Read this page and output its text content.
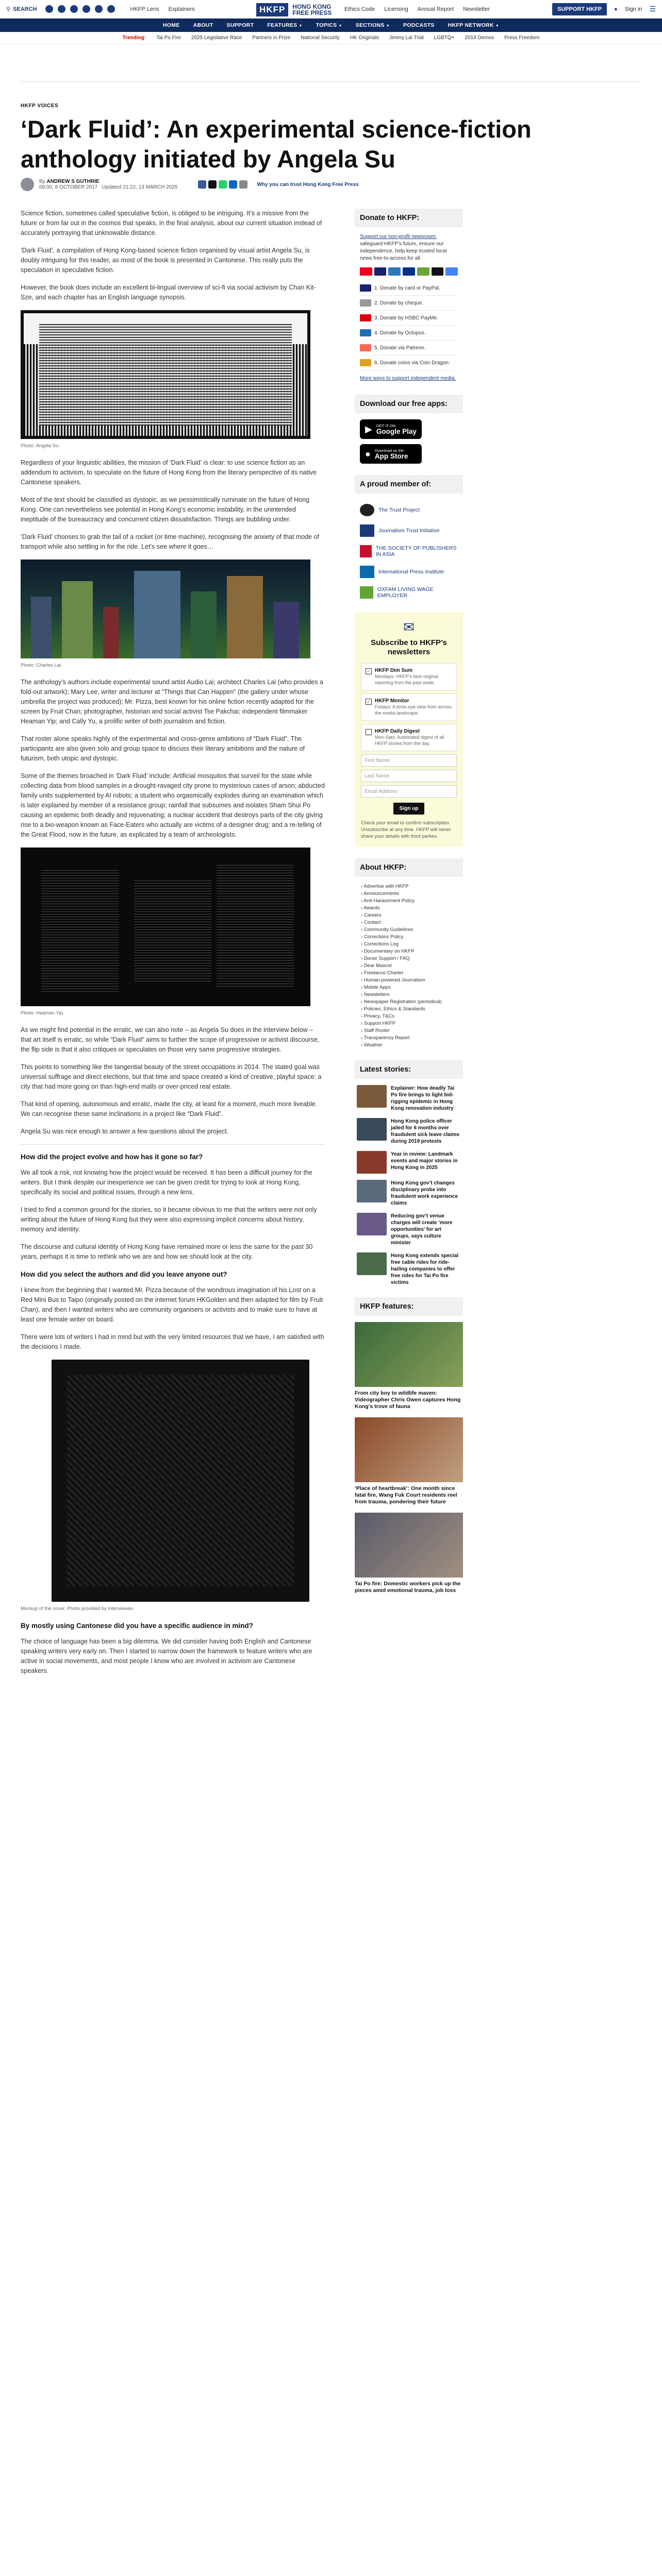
⚲ SEARCH	HKFP Lens Explainers	Ethics Code Licensing Annual Report Newsletter	SUPPORT HKFP	● Sign in ☰
HKFP	HONG KONG
FREE PRESS
HOME ABOUT SUPPORT FEATURES ▼ TOPICS ▼ SECTIONS ▼ PODCASTS HKFP NETWORK ▼
Trending: Tai Po Fire 2025 Legislative Race Partners in Prize National Security HK Originals Jimmy Lai Trial LGBTQ+ 2019 Demos Press Freedom
HKFP VOICES
‘Dark Fluid’: An experimental science-fiction anthology initiated by Angela Su
By ANDREW S GUTHRIE
09:00, 8 OCTOBER 2017 Updated 21:22, 13 MARCH 2025	Why you can trust Hong Kong Free Press

Science fiction, sometimes called speculative fiction, is obliged to be intriguing. It’s a missive from the future or from far out in the cosmos that speaks, in the final analysis, about our current situation instead of accurately portraying that unknowable distance.

‘Dark Fluid’, a compilation of Hong Kong-based science fiction organised by visual artist Angela Su, is doubly intriguing for this reader, as most of the book is presented in Cantonese. This really puts the speculation in speculative fiction.

However, the book does include an excellent bi-lingual overview of sci-fi via social activism by Chan Kit-Sze, and each chapter has an English language synopsis.

Photo: Angela Su.

Regardless of your linguistic abilities, the mission of ‘Dark Fluid’ is clear: to use science fiction as an addendum to activism, to speculate on the future of Hong Kong from the literary perspective of its native Cantonese speakers.

Most of the text should be classified as dystopic, as we pessimistically ruminate on the future of Hong Kong. One can nevertheless see potential in Hong Kong’s economic instability, in the unintended ineptitude of the bureaucracy and concurrent citizen dissatisfaction. Things are bubbling under.

‘Dark Fluid’ chooses to grab the tail of a rocket (or time machine), recognising the anxiety of that mode of transport while also settling in for the ride. Let’s see where it goes…

Photo: Charles Lai.

The anthology’s authors include experimental sound artist Audio Lai; architect Charles Lai (who provides a fold-out artwork); Mary Lee, writer and lecturer at “Things that Can Happen” (the gallery under whose umbrella the project was produced); Mr. Pizza, best known for his online fiction recently adapted for the screen by Fruit Chan; photographer, historian and social activist Tse Pakchai; independent filmmaker Heaman Yip; and Cally Yu, a prolific writer of both journalism and fiction.

That roster alone speaks highly of the experimental and cross-genre ambitions of “Dark Fluid”. The participants are also given solo and group space to discuss their literary ambitions and the nature of futurism, both utopic and dystopic.

Some of the themes broached in ‘Dark Fluid’ include: Artificial mosquitos that surveil for the state while collecting data from blood samples in a drought-ravaged city prone to mysterious cases of arson; abducted family units supplemented by AI robots; a student who orgasmically explodes during an examination which is later explained by member of a resistance group; rainfall that subsumes and isolates Sham Shui Po causing an epidemic both deadly and rejuvenating; a nuclear accident that destroys parts of the city giving rise to a bio-weapon known as Face-Eaters who actually are victims of a designer drug; and a re-telling of the Great Flood, now in the future, as explicated by a team of archeologists.

Photo: Heaman Yip.

As we might find potential in the erratic, we can also note – as Angela Su does in the interview below – that art itself is erratic, so while “Dark Fluid” aims to further the scope of progressive or activist discourse, the flip side is that it also critiques or speculates on those very same progressive strategies.

This points to something like the tangential beauty of the street occupations in 2014. The stated goal was universal suffrage and direct elections, but that time and space created a kind of creative, playful space: a city that had more going on than high-end malls or over-priced real estate.

That kind of opening, autonomous and erratic, made the city, at least for a moment, much more liveable. We can recognise these same inclinations in a project like “Dark Fluid”.

Angela Su was nice enough to answer a few questions about the project.

How did the project evolve and how has it gone so far?

We all took a risk, not knowing how the project would be received. It has been a difficult journey for the writers. But I think despite our inexperience we can be given credit for trying to look at Hong Kong, specifically its social and political issues, through a new lens.

I tried to find a common ground for the stories, so it became obvious to me that the writers were not only writing about the future of Hong Kong but they were also expressing implicit concerns about history, memory and identity.

The discourse and cultural identity of Hong Kong have remained more or less the same for the past 30 years, perhaps it is time to rethink who we are and how we should look at the city.

How did you select the authors and did you leave anyone out?

I knew from the beginning that I wanted Mr. Pizza because of the wondrous imagination of his Lost on a Red Mini Bus to Taipo (originally posted on the internet forum HKGolden and then adapted for film by Fruit Chan), and then I wanted writers who are community organisers or activists and to make sure to have at least one female writer on board.

There were lots of writers I had in mind but with the very limited resources that we have, I am satisfied with the decisions I made.

Mockup of the cover. Photo provided by interviewee.

By mostly using Cantonese did you have a specific audience in mind?

The choice of language has been a big dilemma. We did consider having both English and Cantonese speaking writers very early on. Then I started to narrow down the framework to feature writers who are active in social movements, and most people I know who are involved in activism are Cantonese speakers.

Donate to HKFP:

Support our non-profit newsroom: safeguard HKFP’s future, ensure our independence, help keep trusted local news free-to-access for all.

1. Donate by card or PayPal.
2. Donate by cheque.
3. Donate by HSBC PayMe.
4. Donate by Octopus.
5. Donate via Patreon.
6. Donate coins via Coin Dragon.
More ways to support independent media.
Download our free apps:
▶ GET IT ON
Google Play
● Download on the
App Store
A proud member of:
The Trust Project
Journalism Trust Initiative
THE SOCIETY OF PUBLISHERS IN ASIA
International Press Institute
OXFAM LIVING WAGE EMPLOYER
✉
Subscribe to HKFP’s newsletters
✓ HKFP Dim Sum
Mondays: HKFP’s best original reporting from the past week.
✓ HKFP Monitor
Fridays: A birds-eye view from across the media landscape.
HKFP Daily Digest
Mon-Sats: Automated digest of all HKFP stories from the day.
First Name
Last Name
Email Address
Sign up
Check your email to confirm subscription. Unsubscribe at any time. HKFP will never share your details with third parties.
About HKFP:
› Advertise with HKFP
› Announcements
› Anti-Harassment Policy
› Awards
› Careers
› Contact
› Community Guidelines
› Corrections Policy
› Corrections Log
› Documentary on HKFP
› Donor Support / FAQ
› Dear Mascot
› Freelance Charter
› Human-powered Journalism
› Mobile Apps
› Newsletters
› Newspaper Registration (periodical)
› Policies, Ethics & Standards
› Privacy, T&Cs
› Support HKFP
› Staff Roster
› Transparency Report
› Weather
Latest stories:
Explainer: How deadly Tai Po fire brings to light bid-rigging epidemic in Hong Kong renovation industry
Hong Kong police officer jailed for 6 months over fraudulent sick leave claims during 2019 protests
Year in review: Landmark events and major stories in Hong Kong in 2025
Hong Kong gov’t changes disciplinary probe into fraudulent work experience claims
Reducing gov’t venue charges will create ‘more opportunities’ for art groups, says culture minister
Hong Kong extends special free cable rides for ride-hailing companies to offer free rides for Tai Po fire victims
HKFP features:
From city boy to wildlife maven: Videographer Chris Owen captures Hong Kong’s trove of fauna
‘Place of heartbreak’: One month since fatal fire, Wang Fuk Court residents reel from trauma, pondering their future
Tai Po fire: Domestic workers pick up the pieces amid emotional trauma, job loss
